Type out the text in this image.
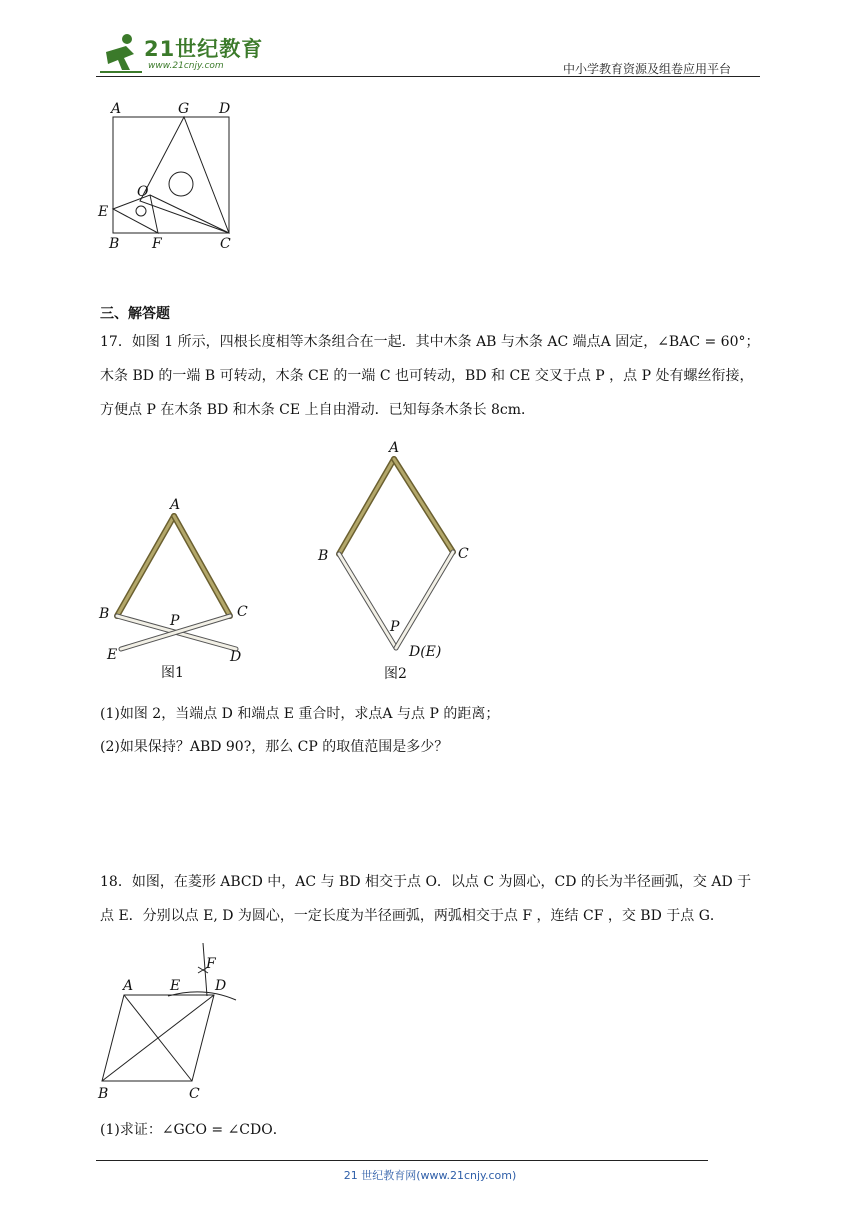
21世纪教育
www.21cnjy.com	中小学教育资源及组卷应用平台
A	G D
O
E
B F	C
三、解答题
17．如图 1 所示，四根长度相等木条组合在一起．其中木条 AB 与木条 AC 端点A 固定，∠BAC = 60°；
木条 BD 的一端 B 可转动，木条 CE 的一端 C 也可转动，BD 和 CE 交叉于点 P ，点 P 处有螺丝衔接，
方便点 P 在木条 BD 和木条 CE 上自由滑动．已知每条木条长 8cm．
A
B	C
P
E	D
图1
A
B	C
P
D(E)
图2
(1)如图 2，当端点 D 和端点 E 重合时，求点A 与点 P 的距离；
(2)如果保持？ABD 90?，那么 CP 的取值范围是多少？
18．如图，在菱形 ABCD 中，AC 与 BD 相交于点 O．以点 C 为圆心，CD 的长为半径画弧，交 AD 于
点 E．分别以点 E, D 为圆心，一定长度为半径画弧，两弧相交于点 F ，连结 CF ，交 BD 于点 G．
F
A	E D
B	C
(1)求证：∠GCO = ∠CDO．
21 世纪教育网(www.21cnjy.com)
